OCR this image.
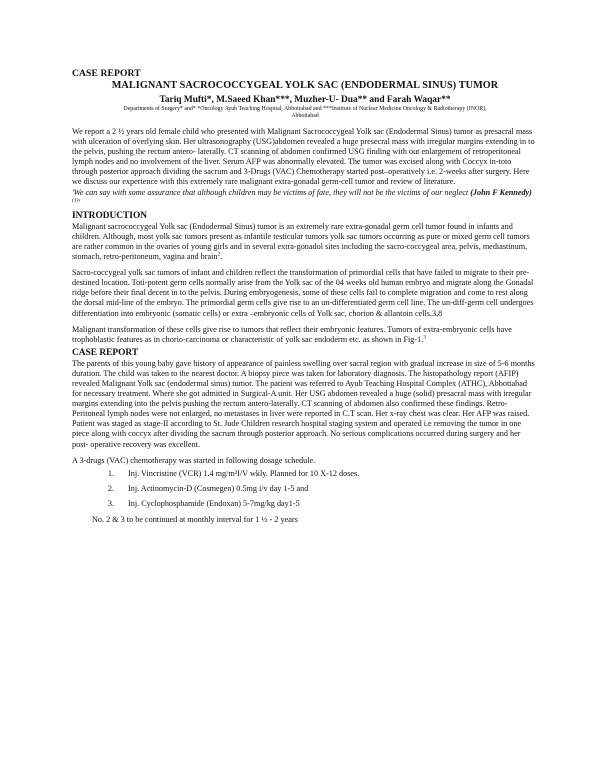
CASE REPORT

MALIGNANT SACROCOCCYGEAL YOLK SAC (ENDODERMAL SINUS) TUMOR

Tariq Mufti*, M.Saeed Khan***, Muzher-U- Dua** and Farah Waqar**

Departments of Surgery* and* *Oncology Ayub Teaching Hospital, Abbottabad and ***Institute of Nuclear Medicine Oncology & Radiotherapy (INOR),
Abbottabad

We report a 2 ½ years old female child who presented with Malignant Sacrococcygeal Yolk sac (Endodermal Sinus) tumor as presacral mass with ulceration of overlying skin. Her ultrasonography (USG)abdomen revealed a huge presecral mass with irregular margins extending in to the pelvis, pushing the rectum antero- laterally. CT scanning of abdomen confirmed USG finding with out enlargement of retroperitoneal lymph nodes and no involvement of the liver. Serum AFP was abnormally elevated. The tumor was excised along with Coccyx in-toto through posterior approach dividing the sacrum and 3-Drugs (VAC) Chemotherapy started post–operatively i.e. 2-weeks after surgery. Here we discuss our experience with this extremely rare malignant extra-gonadal germ-cell tumor and review of literature.

'We can say with some assurance that although children may be victims of fate, they will not be the victims of our neglect (John F Kennedy)$^{(1)}$'

INTRODUCTION

Malignant sacrococcygeal Yolk sac (Endodermal Sinus) tumor is an extremely rare extra-gonadal germ cell tumor found in infants and children. Although, most yolk sac tumors present as infantile testicular tumors yolk sac tumors occurring as pure or mixed germ cell tumors are rather common in the ovaries of young girls and in several extra-gonadol sites including the sacro-coccygeal area, pelvis, mediastinum, stomach, retro-peritoneum, vagina and brain$^2$.

Sacro-coccygeal yolk sac tumors of infant and children reflect the transformation of primordial cells that have failed to migrate to their pre-destined location. Toti-potent germ cells normally arise from the Yolk sac of the 04 weeks old human embryo and migrate along the Gonadal ridge before their final decent in to the pelvis. During embryogenesis, some of these cells fail to complete migration and come to rest along the dorsal mid-line of the embryo. The primordial germ cells give rise to an un-differentiated germ cell line. The un-diff-germ cell undergoes differentiation into embryonic (somatic cells) or extra –embryonic cells of Yolk sac, chorion & allantoin cells.3,8

Malignant transformation of these cells give rise to tumors that reflect their embryonic features. Tumors of extra-embryonic cells have trophoblastic features as in chorio-carcinoma or characteristic of yolk sac endoderm etc. as shown in Fig-1.$^3$

CASE REPORT

The parents of this young baby gave history of appearance of painless swelling over sacral region with gradual increase in size of 5-6 months duration. The child was taken to the nearest doctor. A biopsy piece was taken for laboratory diagnosis. The histopathology report (AFIP) revealed Malignant Yolk sac (endodermal sinus) tumor. The patient was referred to Ayub Teaching Hospital Complex (ATHC), Abbottabad for necessary treatment. Where she got admitted in Surgical-A unit. Her USG abdomen revealed a huge (solid) presacral mass with irregular margins extending into the pelvis pushing the rectum antero-laterally. CT scanning of abdomen also confirmed these findings. Retro-Peritoneal lymph nodes were not enlarged, no metastases in liver were reported in C.T scan. Her x-ray chest was clear. Her AFP was raised. Patient was staged as stage-II according to St. Jude Children research hospital staging system and operated i.e removing the tumor in one piece along with coccyx after dividing the sacrum through posterior approach. No serious complications occurred during surgery and her post- operative recovery was excellent.

A 3-drugs (VAC) chemotherapy was started in following dosage schedule.

1.	Inj. Vincristine (VCR) 1.4 mg/m²I/V wkly. Planned for 10 X-12 doses.
2.	Inj. Actinomycin-D (Cosmegen) 0.5mg i/v day 1-5 and
3.	Inj. Cyclophosphamide (Endoxan) 5-7mg/kg day1-5

No. 2 & 3 to be continued at monthly interval for 1 ½ - 2 years
